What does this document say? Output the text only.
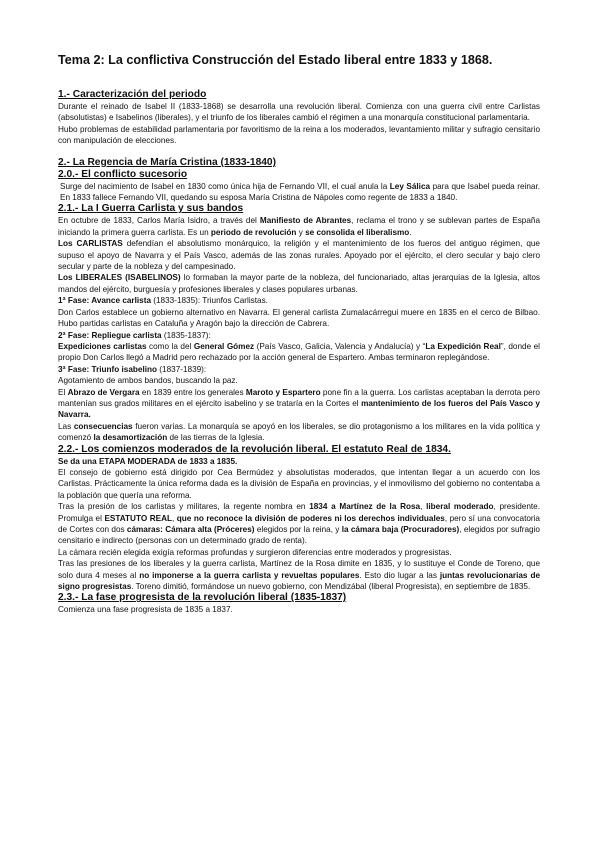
Tema 2: La conflictiva Construcción del Estado liberal entre 1833 y 1868.
1.- Caracterización del periodo

Durante el reinado de Isabel II (1833-1868) se desarrolla una revolución liberal. Comienza con una guerra civil entre Carlistas (absolutistas) e Isabelinos (liberales), y el triunfo de los liberales cambió el régimen a una monarquía constitucional parlamentaria.

Hubo problemas de estabilidad parlamentaria por favoritismo de la reina a los moderados, levantamiento militar y sufragio censitario con manipulación de elecciones.

2.- La Regencia de María Cristina (1833-1840)
2.0.- El conflicto sucesorio

Surge del nacimiento de Isabel en 1830 como única hija de Fernando VII, el cual anula la Ley Sálica para que Isabel pueda reinar. En 1833 fallece Fernando VII, quedando su esposa María Cristina de Nápoles como regente de 1833 a 1840.

2.1.- La I Guerra Carlista y sus bandos

En octubre de 1833, Carlos María Isidro, a través del Manifiesto de Abrantes, reclama el trono y se sublevan partes de España iniciando la primera guerra carlista. Es un periodo de revolución y se consolida el liberalismo.

Los CARLISTAS defendían el absolutismo monárquico, la religión y el mantenimiento de los fueros del antiguo régimen, que supuso el apoyo de Navarra y el País Vasco, además de las zonas rurales. Apoyado por el ejército, el clero secular y bajo clero secular y parte de la nobleza y del campesinado.

Los LIBERALES (ISABELINOS) lo formaban la mayor parte de la nobleza, del funcionariado, altas jerarquías de la Iglesia, altos mandos del ejército, burguesía y profesiones liberales y clases populares urbanas.

1ª Fase: Avance carlista (1833-1835): Triunfos Carlistas.

Don Carlos establece un gobierno alternativo en Navarra. El general carlista Zumalacárregui muere en 1835 en el cerco de Bilbao. Hubo partidas carlistas en Cataluña y Aragón bajo la dirección de Cabrera.

2ª Fase: Repliegue carlista (1835-1837):

Expediciones carlistas como la del General Gómez (País Vasco, Galicia, Valencia y Andalucía) y “La Expedición Real”, donde el propio Don Carlos llegó a Madrid pero rechazado por la acción general de Espartero. Ambas terminaron replegándose.

3ª Fase: Triunfo isabelino (1837-1839):

Agotamiento de ambos bandos, buscando la paz.

El Abrazo de Vergara en 1839 entre los generales Maroto y Espartero pone fin a la guerra. Los carlistas aceptaban la derrota pero mantenían sus grados militares en el ejército isabelino y se trataría en la Cortes el mantenimiento de los fueros del País Vasco y Navarra.

Las consecuencias fueron varias. La monarquía se apoyó en los liberales, se dio protagonismo a los militares en la vida política y comenzó la desamortización de las tierras de la Iglesia.

2.2.- Los comienzos moderados de la revolución liberal. El estatuto Real de 1834.

Se da una ETAPA MODERADA de 1833 a 1835.

El consejo de gobierno está dirigido por Cea Bermúdez y absolutistas moderados, que intentan llegar a un acuerdo con los Carlistas. Prácticamente la única reforma dada es la división de España en provincias, y el inmovilismo del gobierno no contentaba a la población que quería una reforma.

Tras la presión de los carlistas y militares, la regente nombra en 1834 a Martínez de la Rosa, liberal moderado, presidente. Promulga el ESTATUTO REAL, que no reconoce la división de poderes ni los derechos individuales, pero sí una convocatoria de Cortes con dos cámaras: Cámara alta (Próceres) elegidos por la reina, y la cámara baja (Procuradores), elegidos por sufragio censitario e indirecto (personas con un determinado grado de renta).

La cámara recién elegida exigía reformas profundas y surgieron diferencias entre moderados y progresistas.

Tras las presiones de los liberales y la guerra carlista, Martínez de la Rosa dimite en 1835, y lo sustituye el Conde de Toreno, que solo dura 4 meses al no imponerse a la guerra carlista y revueltas populares. Esto dio lugar a las juntas revolucionarias de signo progresistas. Toreno dimitió, formándose un nuevo gobierno, con Mendizábal (liberal Progresista), en septiembre de 1835.

2.3.- La fase progresista de la revolución liberal (1835-1837)

Comienza una fase progresista de 1835 a 1837.
